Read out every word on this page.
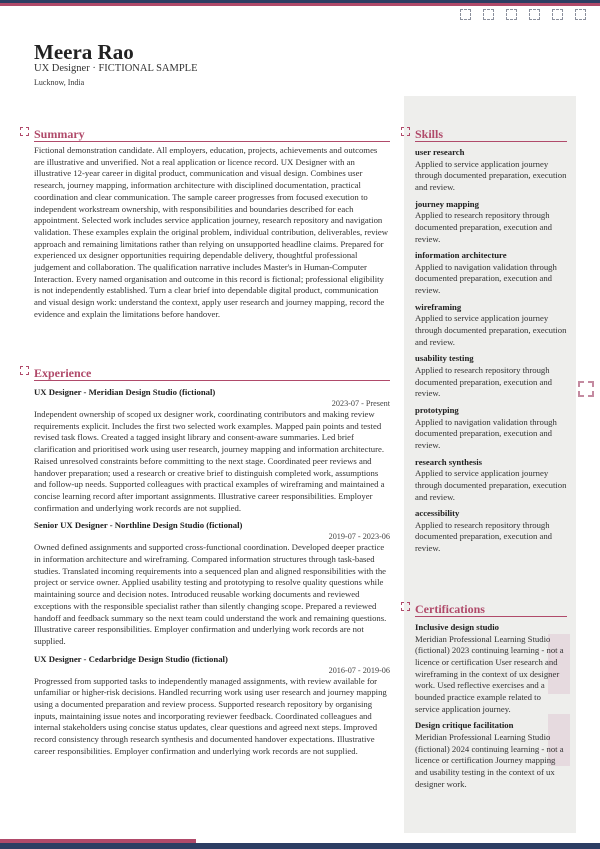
Meera Rao
UX Designer · FICTIONAL SAMPLE
Lucknow, India
Summary

Fictional demonstration candidate. All employers, education, projects, achievements and outcomes are illustrative and unverified. Not a real application or licence record. UX Designer with an illustrative 12-year career in digital product, communication and visual design. Combines user research, journey mapping, information architecture with disciplined documentation, practical coordination and clear communication. The sample career progresses from focused execution to independent workstream ownership, with responsibilities and boundaries described for each appointment. Selected work includes service application journey, research repository and navigation validation. These examples explain the original problem, individual contribution, deliverables, review approach and remaining limitations rather than relying on unsupported headline claims. Prepared for experienced ux designer opportunities requiring dependable delivery, thoughtful professional judgement and collaboration. The qualification narrative includes Master's in Human-Computer Interaction. Every named organisation and outcome in this record is fictional; professional eligibility is not independently established. Turn a clear brief into dependable digital product, communication and visual design work: understand the context, apply user research and journey mapping, record the evidence and explain the limitations before handover.

Experience
UX Designer - Meridian Design Studio (fictional)
2023-07 - Present

Independent ownership of scoped ux designer work, coordinating contributors and making review requirements explicit. Includes the first two selected work examples. Mapped pain points and tested revised task flows. Created a tagged insight library and consent-aware summaries. Led brief clarification and prioritised work using user research, journey mapping and information architecture. Raised unresolved constraints before committing to the next stage. Coordinated peer reviews and handover preparation; used a research or creative brief to distinguish completed work, assumptions and follow-up needs. Supported colleagues with practical examples of wireframing and maintained a concise learning record after important assignments. Illustrative career responsibilities. Employer confirmation and underlying work records are not supplied.

Senior UX Designer - Northline Design Studio (fictional)
2019-07 - 2023-06

Owned defined assignments and supported cross-functional coordination. Developed deeper practice in information architecture and wireframing. Compared information structures through task-based studies. Translated incoming requirements into a sequenced plan and aligned responsibilities with the project or service owner. Applied usability testing and prototyping to resolve quality questions while maintaining source and decision notes. Introduced reusable working documents and reviewed exceptions with the responsible specialist rather than silently changing scope. Prepared a reviewed handoff and feedback summary so the next team could understand the work and remaining questions. Illustrative career responsibilities. Employer confirmation and underlying work records are not supplied.

UX Designer - Cedarbridge Design Studio (fictional)
2016-07 - 2019-06

Progressed from supported tasks to independently managed assignments, with review available for unfamiliar or higher-risk decisions. Handled recurring work using user research and journey mapping using a documented preparation and review process. Supported research repository by organising inputs, maintaining issue notes and incorporating reviewer feedback. Coordinated colleagues and internal stakeholders using concise status updates, clear questions and agreed next steps. Improved record consistency through research synthesis and documented handover expectations. Illustrative career responsibilities. Employer confirmation and underlying work records are not supplied.

Skills
user research
Applied to service application journey through documented preparation, execution and review.
journey mapping
Applied to research repository through documented preparation, execution and review.
information architecture
Applied to navigation validation through documented preparation, execution and review.
wireframing
Applied to service application journey through documented preparation, execution and review.
usability testing
Applied to research repository through documented preparation, execution and review.
prototyping
Applied to navigation validation through documented preparation, execution and review.
research synthesis
Applied to service application journey through documented preparation, execution and review.
accessibility
Applied to research repository through documented preparation, execution and review.
Certifications
Inclusive design studio
Meridian Professional Learning Studio (fictional) 2023 continuing learning - not a licence or certification User research and wireframing in the context of ux designer work. Used reflective exercises and a bounded practice example related to service application journey.
Design critique facilitation
Meridian Professional Learning Studio (fictional) 2024 continuing learning - not a licence or certification Journey mapping and usability testing in the context of ux designer work.
